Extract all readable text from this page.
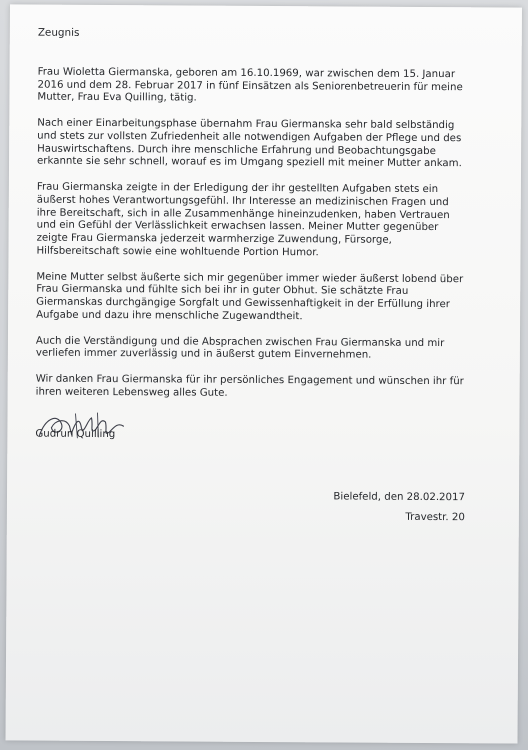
Zeugnis

Frau Wioletta Giermanska, geboren am 16.10.1969, war zwischen dem 15. Januar 2016 und dem 28. Februar 2017 in fünf Einsätzen als Seniorenbetreuerin für meine Mutter, Frau Eva Quilling, tätig.

Nach einer Einarbeitungsphase übernahm Frau Giermanska sehr bald selbständig und stets zur vollsten Zufriedenheit alle notwendigen Aufgaben der Pflege und des Hauswirtschaftens. Durch ihre menschliche Erfahrung und Beobachtungsgabe erkannte sie sehr schnell, worauf es im Umgang speziell mit meiner Mutter ankam.

Frau Giermanska zeigte in der Erledigung der ihr gestellten Aufgaben stets ein äußerst hohes Verantwortungsgefühl. Ihr Interesse an medizinischen Fragen und ihre Bereitschaft, sich in alle Zusammenhänge hineinzudenken, haben Vertrauen und ein Gefühl der Verlässlichkeit erwachsen lassen. Meiner Mutter gegenüber zeigte Frau Giermanska jederzeit warmherzige Zuwendung, Fürsorge, Hilfsbereitschaft sowie eine wohltuende Portion Humor.

Meine Mutter selbst äußerte sich mir gegenüber immer wieder äußerst lobend über Frau Giermanska und fühlte sich bei ihr in guter Obhut. Sie schätzte Frau Giermanskas durchgängige Sorgfalt und Gewissenhaftigkeit in der Erfüllung ihrer Aufgabe und dazu ihre menschliche Zugewandtheit.

Auch die Verständigung und die Absprachen zwischen Frau Giermanska und mir verliefen immer zuverlässig und in äußerst gutem Einvernehmen.

Wir danken Frau Giermanska für ihr persönliches Engagement und wünschen ihr für ihren weiteren Lebensweg alles Gute.

Gudrun Quilling
Bielefeld, den 28.02.2017
Travestr. 20
